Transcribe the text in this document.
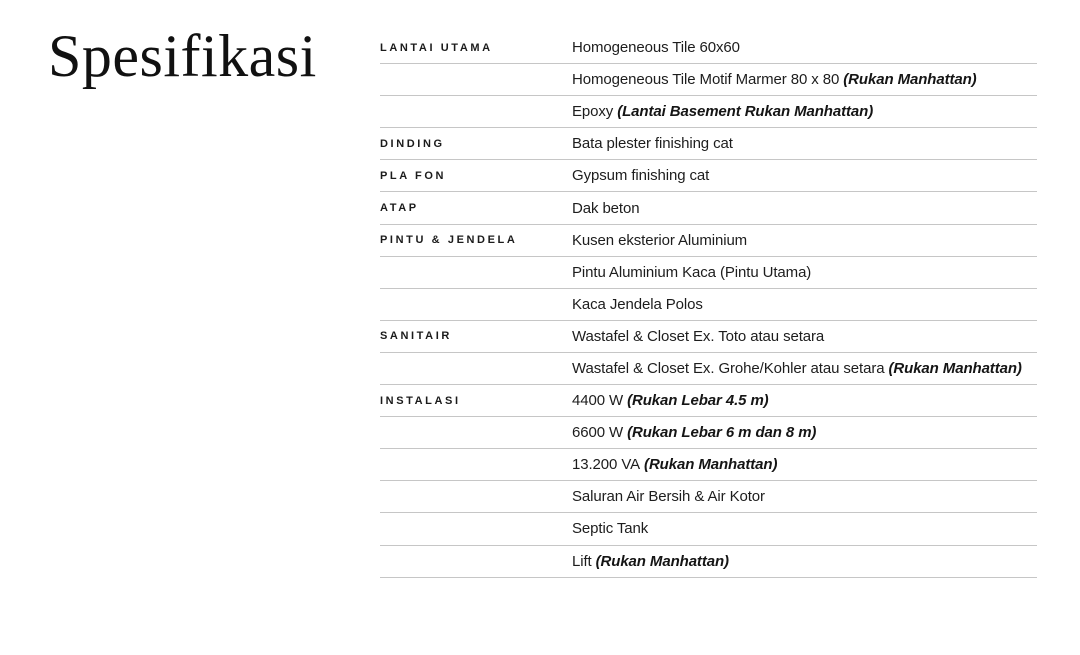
Spesifikasi	LANTAI UTAMA	Homogeneous Tile 60x60
Homogeneous Tile Motif Marmer 80 x 80 (Rukan Manhattan)
Epoxy (Lantai Basement Rukan Manhattan)
DINDING	Bata plester finishing cat
PLA FON	Gypsum finishing cat
ATAP	Dak beton
PINTU & JENDELA	Kusen eksterior Aluminium
Pintu Aluminium Kaca (Pintu Utama)
Kaca Jendela Polos
SANITAIR	Wastafel & Closet Ex. Toto atau setara
Wastafel & Closet Ex. Grohe/Kohler atau setara (Rukan Manhattan)
INSTALASI	4400 W (Rukan Lebar 4.5 m)
6600 W (Rukan Lebar 6 m dan 8 m)
13.200 VA (Rukan Manhattan)
Saluran Air Bersih & Air Kotor
Septic Tank
Lift (Rukan Manhattan)
